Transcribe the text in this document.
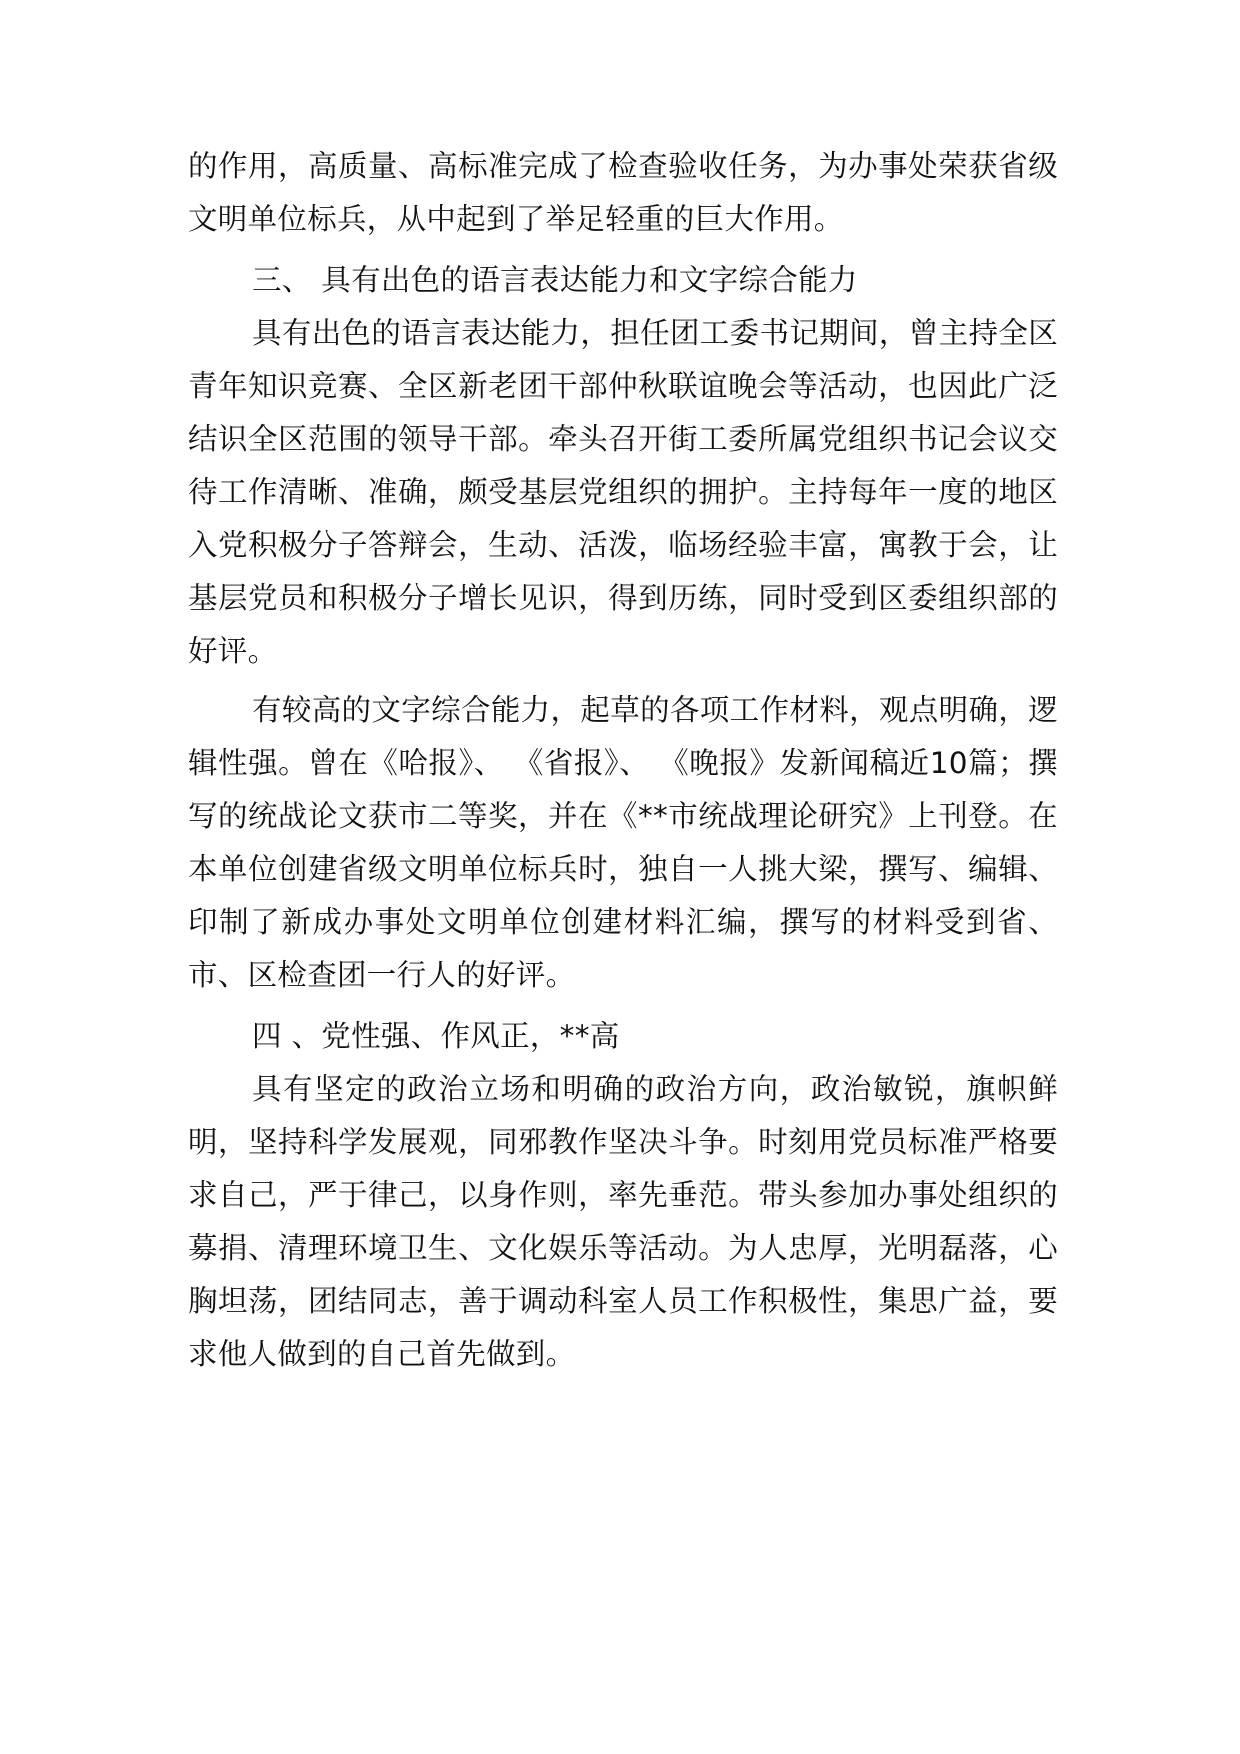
的作用，高质量、高标准完成了检查验收任务，为办事处荣获省级文明单位标兵，从中起到了举足轻重的巨大作用。

三、 具有出色的语言表达能力和文字综合能力

具有出色的语言表达能力，担任团工委书记期间，曾主持全区青年知识竞赛、全区新老团干部仲秋联谊晚会等活动，也因此广泛结识全区范围的领导干部。牵头召开街工委所属党组织书记会议交待工作清晰、准确，颇受基层党组织的拥护。主持每年一度的地区入党积极分子答辩会，生动、活泼，临场经验丰富，寓教于会，让基层党员和积极分子增长见识，得到历练，同时受到区委组织部的好评。

有较高的文字综合能力，起草的各项工作材料，观点明确，逻辑性强。曾在《哈报》、 《省报》、 《晚报》发新闻稿近10篇；撰写的统战论文获市二等奖，并在《**市统战理论研究》上刊登。在本单位创建省级文明单位标兵时，独自一人挑大梁，撰写、编辑、印制了新成办事处文明单位创建材料汇编，撰写的材料受到省、市、区检查团一行人的好评。

四 、党性强、作风正，**高

具有坚定的政治立场和明确的政治方向，政治敏锐，旗帜鲜明，坚持科学发展观，同邪教作坚决斗争。时刻用党员标准严格要求自己，严于律己，以身作则，率先垂范。带头参加办事处组织的募捐、清理环境卫生、文化娱乐等活动。为人忠厚，光明磊落，心胸坦荡，团结同志，善于调动科室人员工作积极性，集思广益，要求他人做到的自己首先做到。
